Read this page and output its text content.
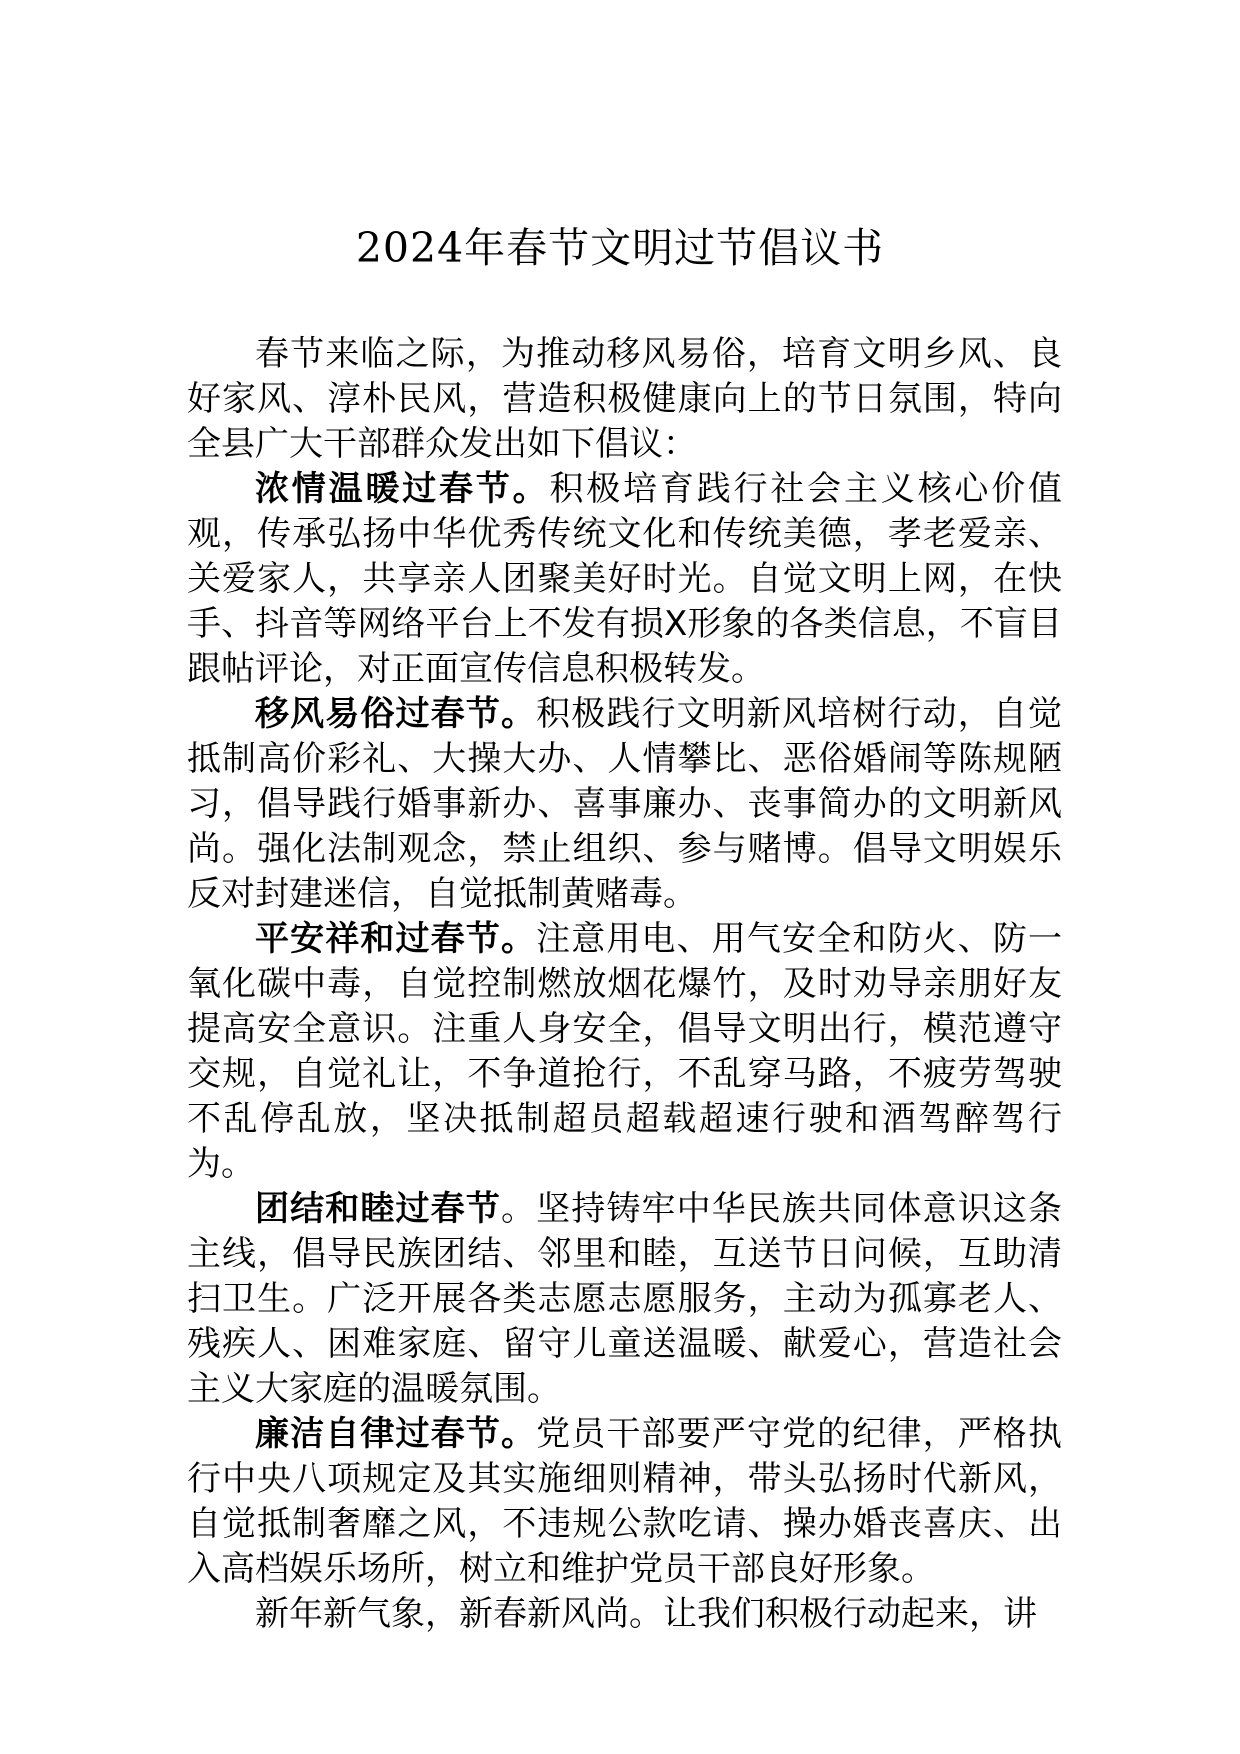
2024年春节文明过节倡议书

春节来临之际，为推动移风易俗，培育文明乡风、良好家风、淳朴民风，营造积极健康向上的节日氛围，特向全县广大干部群众发出如下倡议：

浓情温暖过春节。积极培育践行社会主义核心价值观，传承弘扬中华优秀传统文化和传统美德，孝老爱亲、关爱家人，共享亲人团聚美好时光。自觉文明上网，在快手、抖音等网络平台上不发有损X形象的各类信息，不盲目跟帖评论，对正面宣传信息积极转发。

移风易俗过春节。积极践行文明新风培树行动，自觉抵制高价彩礼、大操大办、人情攀比、恶俗婚闹等陈规陋习，倡导践行婚事新办、喜事廉办、丧事简办的文明新风尚。强化法制观念，禁止组织、参与赌博。倡导文明娱乐反对封建迷信，自觉抵制黄赌毒。

平安祥和过春节。注意用电、用气安全和防火、防一氧化碳中毒，自觉控制燃放烟花爆竹，及时劝导亲朋好友提高安全意识。注重人身安全，倡导文明出行，模范遵守交规，自觉礼让，不争道抢行，不乱穿马路，不疲劳驾驶不乱停乱放，坚决抵制超员超载超速行驶和酒驾醉驾行为。

团结和睦过春节。坚持铸牢中华民族共同体意识这条主线，倡导民族团结、邻里和睦，互送节日问候，互助清扫卫生。广泛开展各类志愿志愿服务，主动为孤寡老人、残疾人、困难家庭、留守儿童送温暖、献爱心，营造社会主义大家庭的温暖氛围。

廉洁自律过春节。党员干部要严守党的纪律，严格执行中央八项规定及其实施细则精神，带头弘扬时代新风，自觉抵制奢靡之风，不违规公款吃请、操办婚丧喜庆、出入高档娱乐场所，树立和维护党员干部良好形象。

新年新气象，新春新风尚。让我们积极行动起来，讲
